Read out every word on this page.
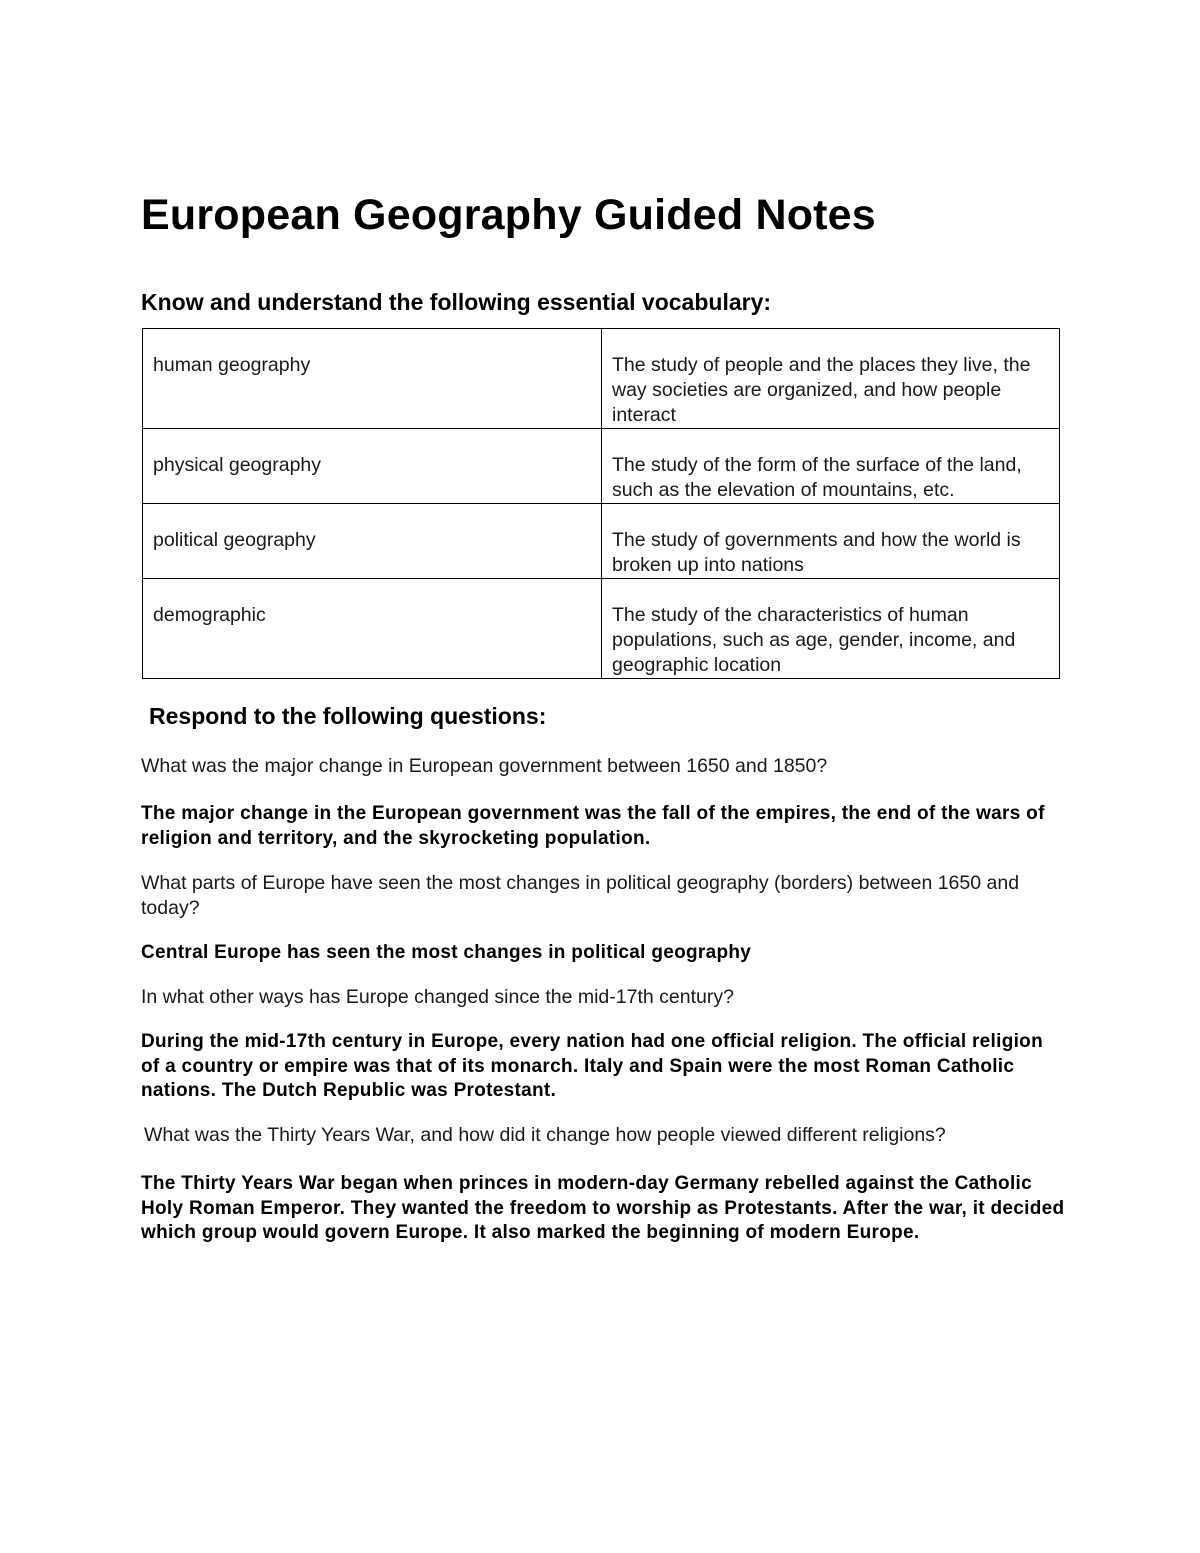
European Geography Guided Notes
Know and understand the following essential vocabulary:
human geography	The study of people and the places they live, the way societies are organized, and how people interact
physical geography	The study of the form of the surface of the land, such as the elevation of mountains, etc.
political geography	The study of governments and how the world is broken up into nations
demographic	The study of the characteristics of human populations, such as age, gender, income, and geographic location
Respond to the following questions:

What was the major change in European government between 1650 and 1850?

The major change in the European government was the fall of the empires, the end of the wars of religion and territory, and the skyrocketing population.

What parts of Europe have seen the most changes in political geography (borders) between 1650 and today?

Central Europe has seen the most changes in political geography

In what other ways has Europe changed since the mid-17th century?

During the mid-17th century in Europe, every nation had one official religion. The official religion of a country or empire was that of its monarch. Italy and Spain were the most Roman Catholic nations. The Dutch Republic was Protestant.

What was the Thirty Years War, and how did it change how people viewed different religions?

The Thirty Years War began when princes in modern-day Germany rebelled against the Catholic Holy Roman Emperor. They wanted the freedom to worship as Protestants. After the war, it decided which group would govern Europe. It also marked the beginning of modern Europe.
